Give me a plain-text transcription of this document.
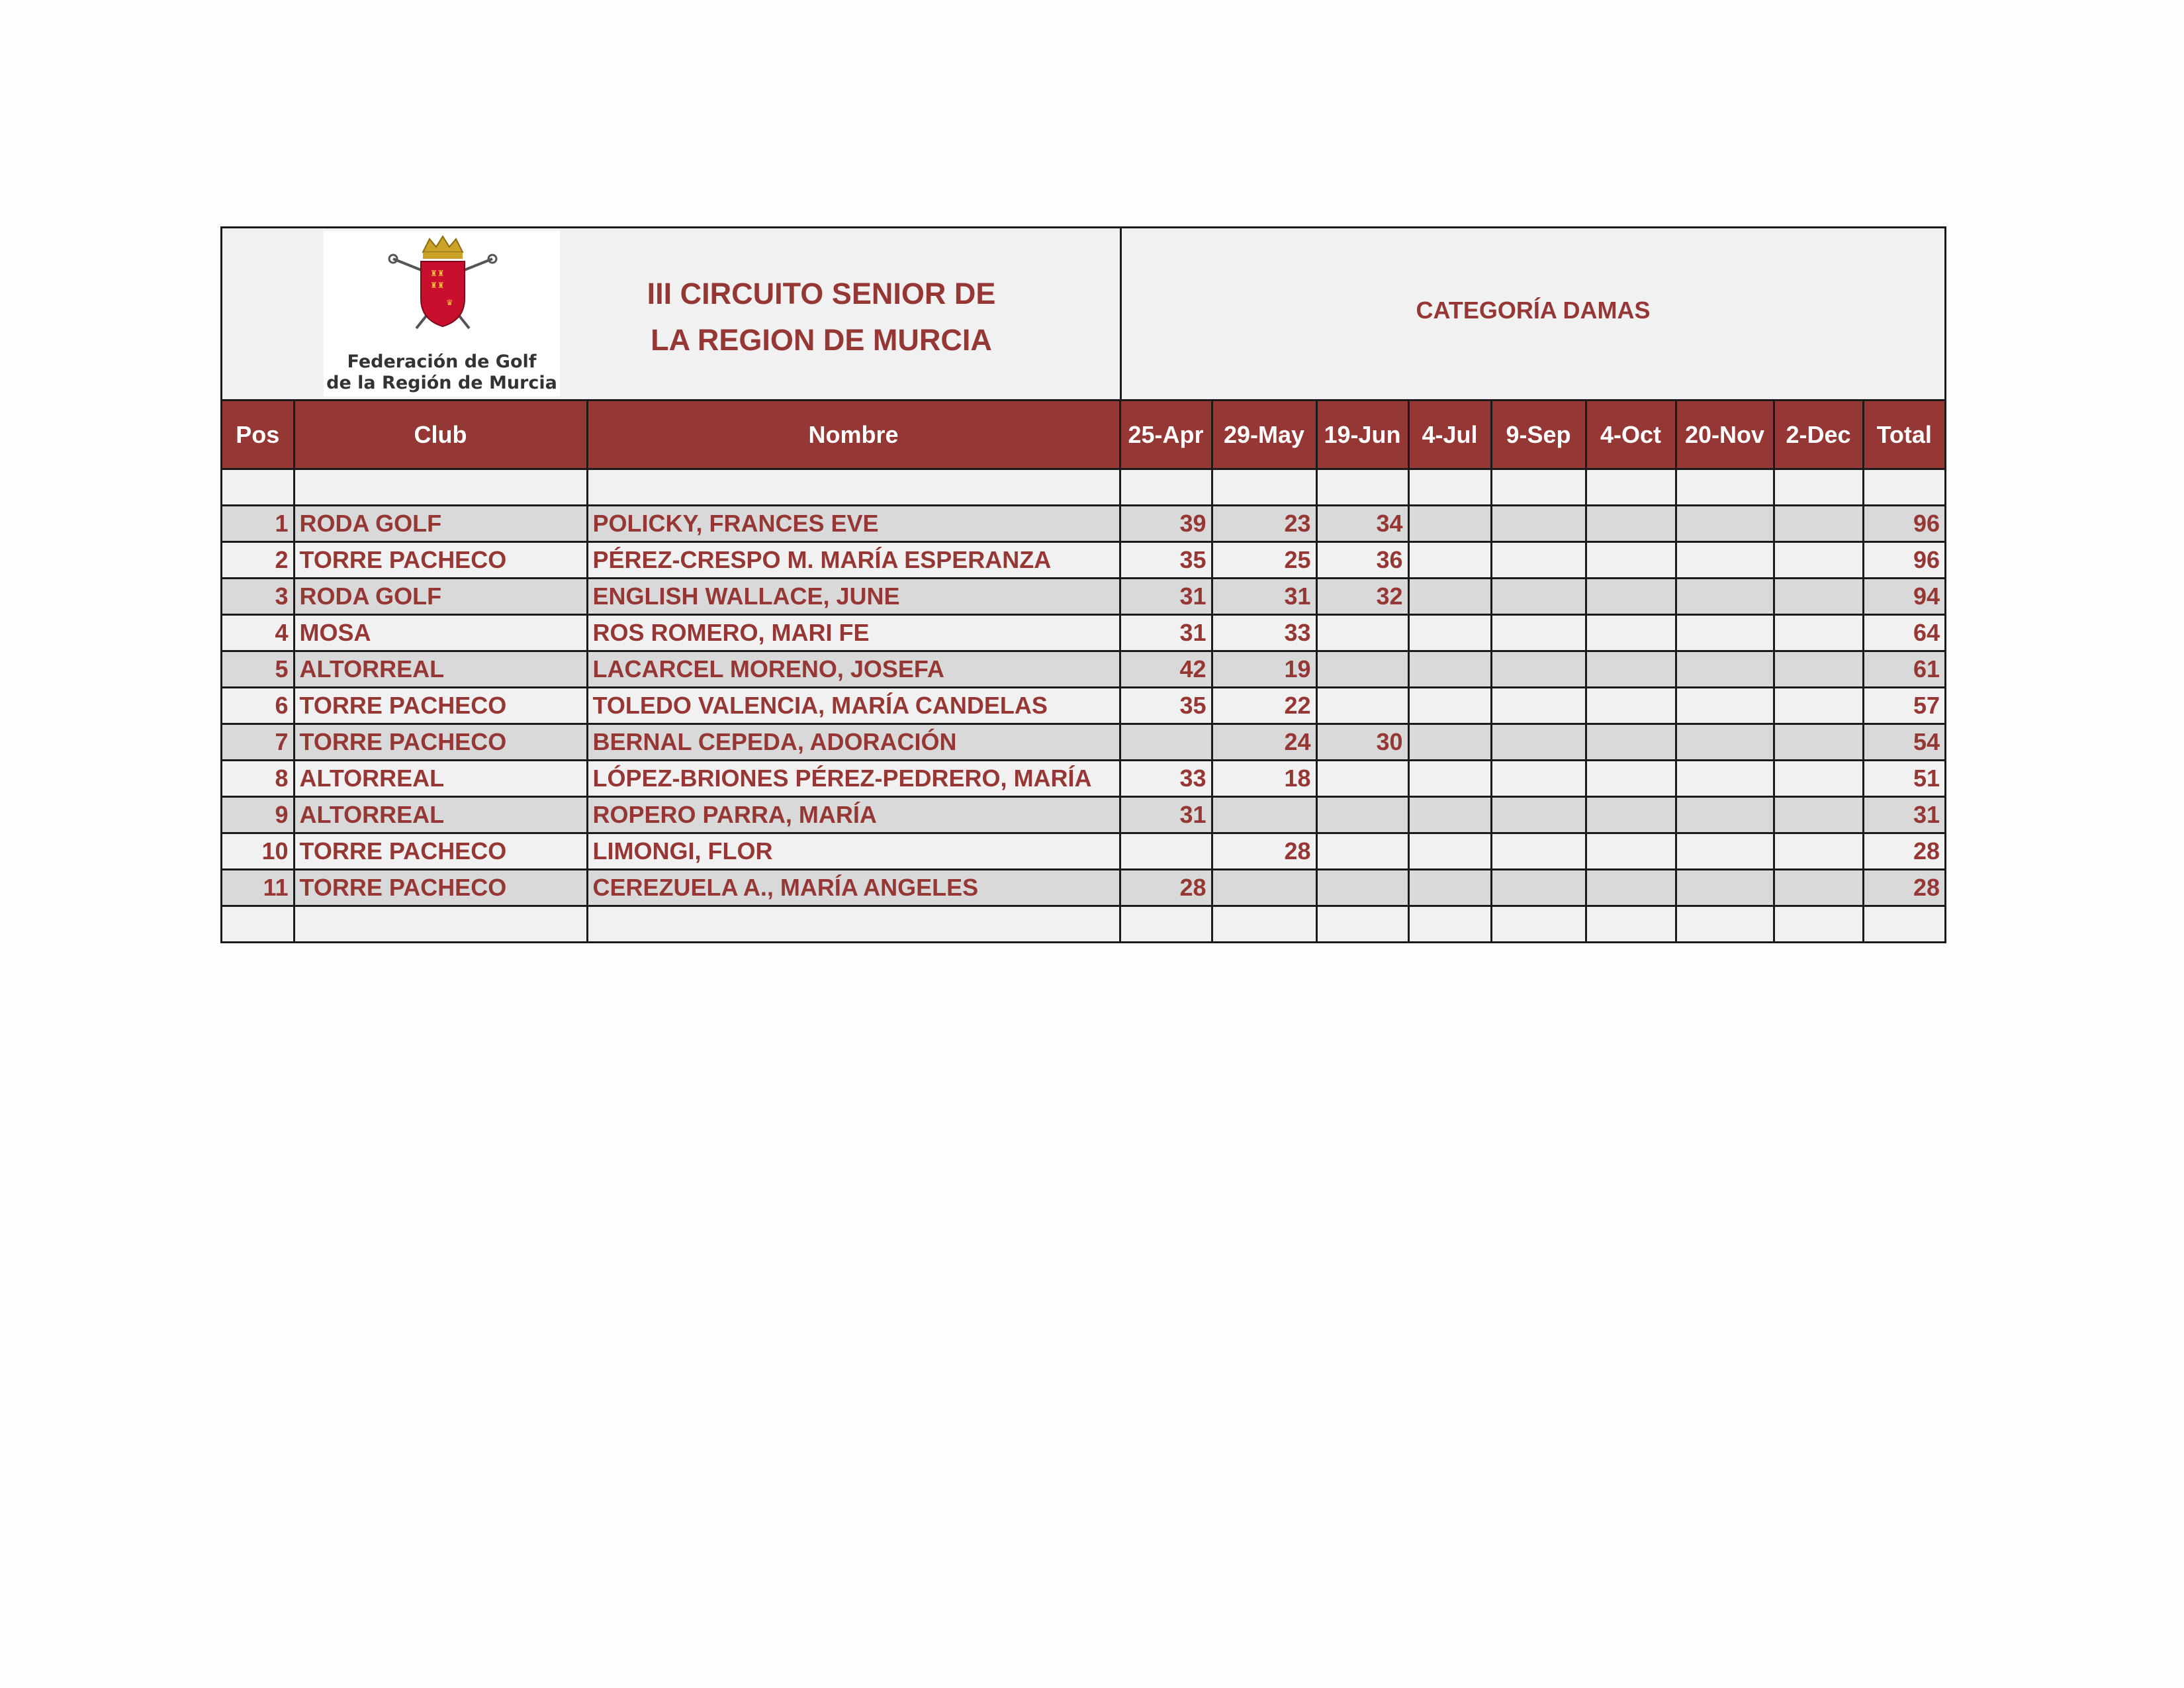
♜♜
♜♜
♛
Federación de Golf
de la Región de Murcia
III CIRCUITO SENIOR DE
LA REGION DE MURCIA
CATEGORÍA DAMAS
Pos	Club	Nombre	25-Apr	29-May	19-Jun	4-Jul	9-Sep	4-Oct	20-Nov	2-Dec	Total

1	RODA GOLF	POLICKY, FRANCES EVE	39	23	34						96
2	TORRE PACHECO	PÉREZ-CRESPO M. MARÍA ESPERANZA	35	25	36						96
3	RODA GOLF	ENGLISH WALLACE, JUNE	31	31	32						94
4	MOSA	ROS ROMERO, MARI FE	31	33							64
5	ALTORREAL	LACARCEL MORENO, JOSEFA	42	19							61
6	TORRE PACHECO	TOLEDO VALENCIA, MARÍA CANDELAS	35	22							57
7	TORRE PACHECO	BERNAL CEPEDA, ADORACIÓN		24	30						54
8	ALTORREAL	LÓPEZ-BRIONES PÉREZ-PEDRERO, MARÍA	33	18							51
9	ALTORREAL	ROPERO PARRA, MARÍA	31								31
10	TORRE PACHECO	LIMONGI, FLOR		28							28
11	TORRE PACHECO	CEREZUELA A., MARÍA ANGELES	28								28
